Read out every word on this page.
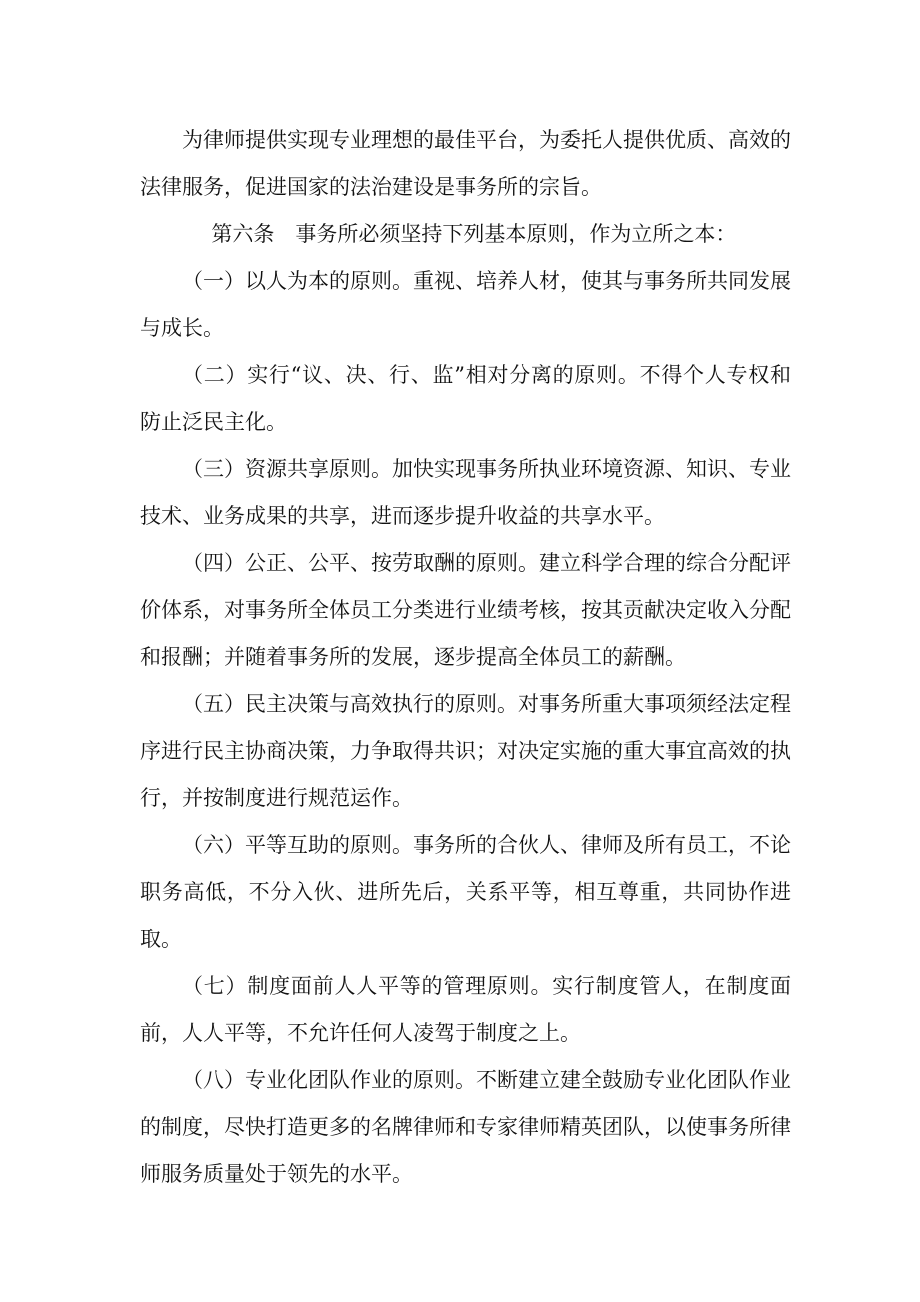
为律师提供实现专业理想的最佳平台，为委托人提供优质、高效的法律服务，促进国家的法治建设是事务所的宗旨。

第六条　事务所必须坚持下列基本原则，作为立所之本：

（一）以人为本的原则。重视、培养人材，使其与事务所共同发展与成长。

（二）实行“议、决、行、监”相对分离的原则。不得个人专权和防止泛民主化。

（三）资源共享原则。加快实现事务所执业环境资源、知识、专业技术、业务成果的共享，进而逐步提升收益的共享水平。

（四）公正、公平、按劳取酬的原则。建立科学合理的综合分配评价体系，对事务所全体员工分类进行业绩考核，按其贡献决定收入分配和报酬；并随着事务所的发展，逐步提高全体员工的薪酬。

（五）民主决策与高效执行的原则。对事务所重大事项须经法定程序进行民主协商决策，力争取得共识；对决定实施的重大事宜高效的执行，并按制度进行规范运作。

（六）平等互助的原则。事务所的合伙人、律师及所有员工，不论职务高低，不分入伙、进所先后，关系平等，相互尊重，共同协作进取。

（七）制度面前人人平等的管理原则。实行制度管人，在制度面前，人人平等，不允许任何人凌驾于制度之上。

（八）专业化团队作业的原则。不断建立建全鼓励专业化团队作业的制度，尽快打造更多的名牌律师和专家律师精英团队，以使事务所律师服务质量处于领先的水平。
